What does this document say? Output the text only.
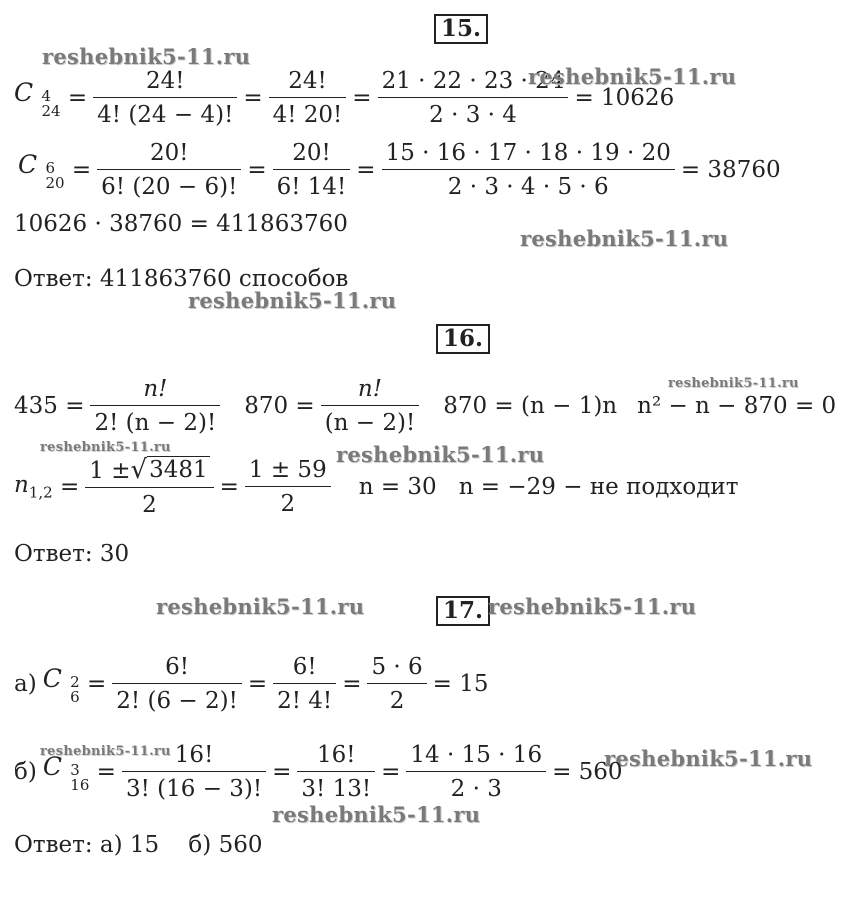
15.
reshebnik5-11.ru
C 4
$24 = \frac{24!}{4! (24 - 4)!} = \frac{24!}{4! 20!} = \frac{21 \cdot 22 \cdot 23 \cdot 24}{2 \cdot 3 \cdot 4} = 10626$
reshebnik5-11.ru
C 6
$20 = \frac{20!}{6! (20 - 6)!} = \frac{20!}{6! 14!} = \frac{15 \cdot 16 \cdot 17 \cdot 18 \cdot 19 \cdot 20}{2 \cdot 3 \cdot 4 \cdot 5 \cdot 6} = 38760$
10626 · 38760 = 411863760
reshebnik5-11.ru
Ответ: 411863760 способов
reshebnik5-11.ru
16.
reshebnik5-11.ru
$435 = \frac{n!}{2! (n - 2)!} 870 = \frac{n!}{(n - 2)!} 870 = (n - 1)n$ n² − n − 870 = 0
reshebnik5-11.ru	reshebnik5-11.ru
$n_{1,2} = \frac{1 \pm √ 3481}{2} = \frac{1 \pm 59}{2}$ n = 30 n = −29 − не подходит
Ответ: 30
reshebnik5-11.ru	17. reshebnik5-11.ru
а) C 2
$6 = \frac{6!}{2! (6 - 2)!} = \frac{6!}{2! 4!} = \frac{5 \cdot 6}{2} = 15$
reshebnik5-11.ru	reshebnik5-11.ru
б) C 3
$16 = \frac{16!}{3! (16 - 3)!} = \frac{16!}{3! 13!} = \frac{14 \cdot 15 \cdot 16}{2 \cdot 3} = 560$
reshebnik5-11.ru
Ответ: а) 15    б) 560
